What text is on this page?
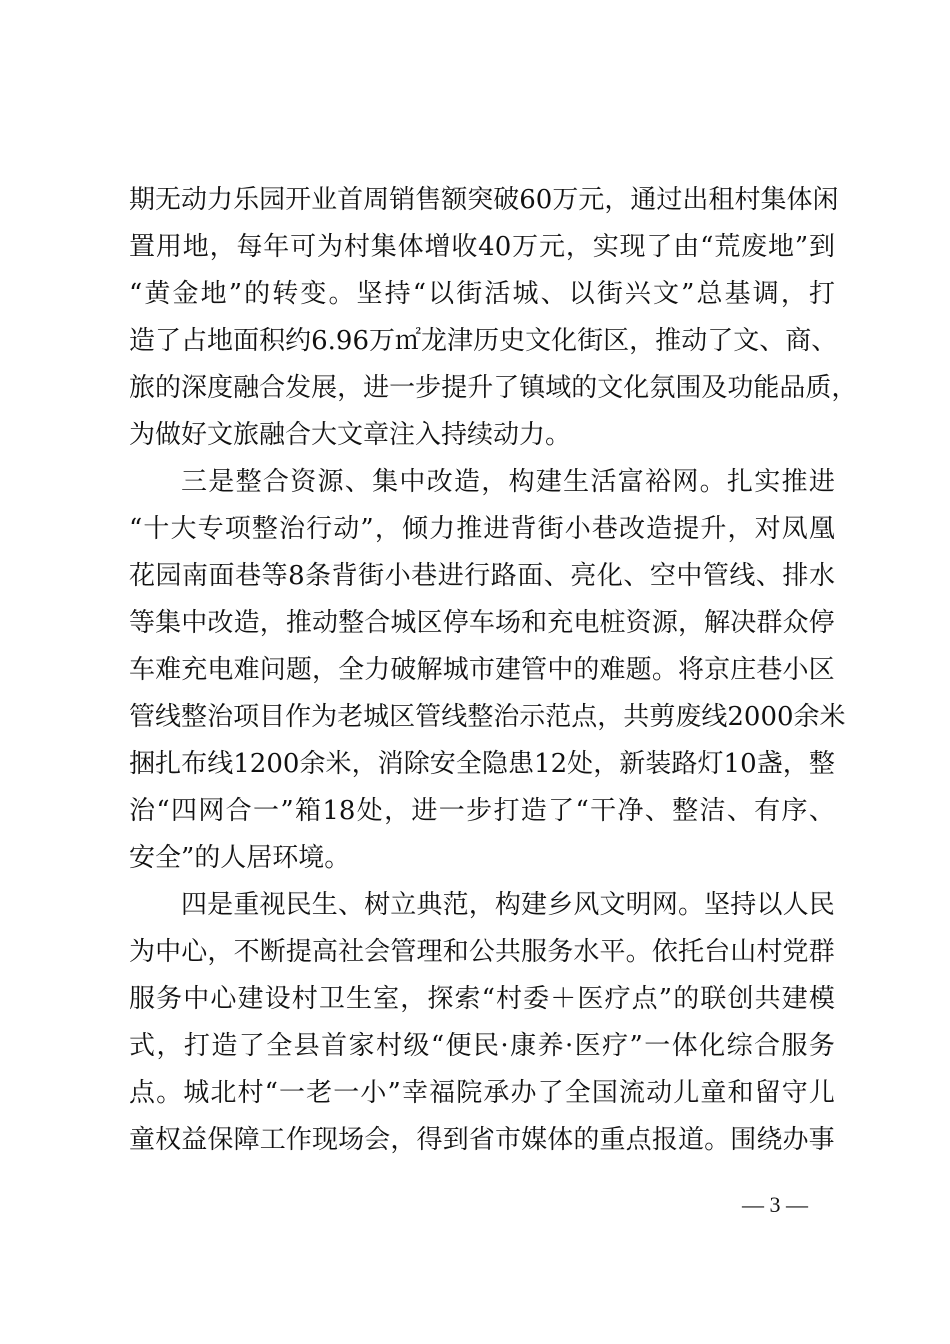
期 无 动 力 乐 园 开 业 首 周 销 售 额 突 破 60 万 元 ， 通 过 出 租 村 集 体 闲
置 用 地 ， 每 年 可 为 村 集 体 增 收 40 万 元 ， 实 现 了 由 “ 荒 废 地 ” 到
“ 黄 金 地 ” 的 转 变 。 坚 持 “ 以 街 活 城 、 以 街 兴 文 ” 总 基 调 ， 打
造 了 占 地 面 积 约 6.96 万 ㎡ 龙 津 历 史 文 化 街 区 ， 推 动 了 文 、 商 、
旅 的 深 度 融 合 发 展 ， 进 一 步 提 升 了 镇 域 的 文 化 氛 围 及 功 能 品 质 ，
为做好文旅融合大文章注入持续动力。
三 是 整 合 资 源 、 集 中 改 造 ， 构 建 生 活 富 裕 网 。 扎 实 推 进
“ 十 大 专 项 整 治 行 动 ” ， 倾 力 推 进 背 街 小 巷 改 造 提 升 ， 对 凤 凰
花 园 南 面 巷 等 8 条 背 街 小 巷 进 行 路 面 、 亮 化 、 空 中 管 线 、 排 水
等 集 中 改 造 ， 推 动 整 合 城 区 停 车 场 和 充 电 桩 资 源 ， 解 决 群 众 停
车 难 充 电 难 问 题 ， 全 力 破 解 城 市 建 管 中 的 难 题 。 将 京 庄 巷 小 区
管 线 整 治 项 目 作 为 老 城 区 管 线 整 治 示 范 点 ， 共 剪 废 线 2000 余 米
捆 扎 布 线 1200 余 米 ， 消 除 安 全 隐 患 12 处 ， 新 装 路 灯 10 盏 ， 整
治 “ 四 网 合 一 ” 箱 18 处 ， 进 一 步 打 造 了 “ 干 净 、 整 洁 、 有 序 、
安全”的人居环境。
四 是 重 视 民 生 、 树 立 典 范 ， 构 建 乡 风 文 明 网 。 坚 持 以 人 民
为 中 心 ， 不 断 提 高 社 会 管 理 和 公 共 服 务 水 平 。 依 托 台 山 村 党 群
服 务 中 心 建 设 村 卫 生 室 ， 探 索 “ 村 委 ＋ 医 疗 点 ” 的 联 创 共 建 模
式 ， 打 造 了 全 县 首 家 村 级 “ 便 民 · 康 养 · 医 疗 ” 一 体 化 综 合 服 务
点 。 城 北 村 “ 一 老 一 小 ” 幸 福 院 承 办 了 全 国 流 动 儿 童 和 留 守 儿
童 权 益 保 障 工 作 现 场 会 ， 得 到 省 市 媒 体 的 重 点 报 道 。 围 绕 办 事
— 3 —
